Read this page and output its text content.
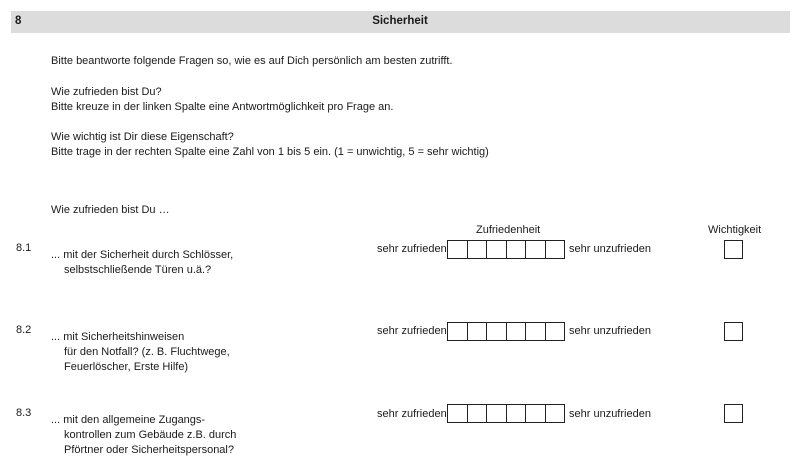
8	Sicherheit
Bitte beantworte folgende Fragen so, wie es auf Dich persönlich am besten zutrifft.
Wie zufrieden bist Du?
Bitte kreuze in der linken Spalte eine Antwortmöglichkeit pro Frage an.
Wie wichtig ist Dir diese Eigenschaft?
Bitte trage in der rechten Spalte eine Zahl von 1 bis 5 ein. (1 = unwichtig, 5 = sehr wichtig)
Wie zufrieden bist Du …
Zufriedenheit	Wichtigkeit
8.1
... mit der Sicherheit durch Schlösser,
selbstschließende Türen u.ä.?
sehr zufrieden	sehr unzufrieden
8.2
... mit Sicherheitshinweisen
für den Notfall? (z. B. Fluchtwege,
Feuerlöscher, Erste Hilfe)
sehr zufrieden	sehr unzufrieden
8.3
... mit den allgemeine Zugangs-
kontrollen zum Gebäude z.B. durch
Pförtner oder Sicherheitspersonal?
sehr zufrieden	sehr unzufrieden
